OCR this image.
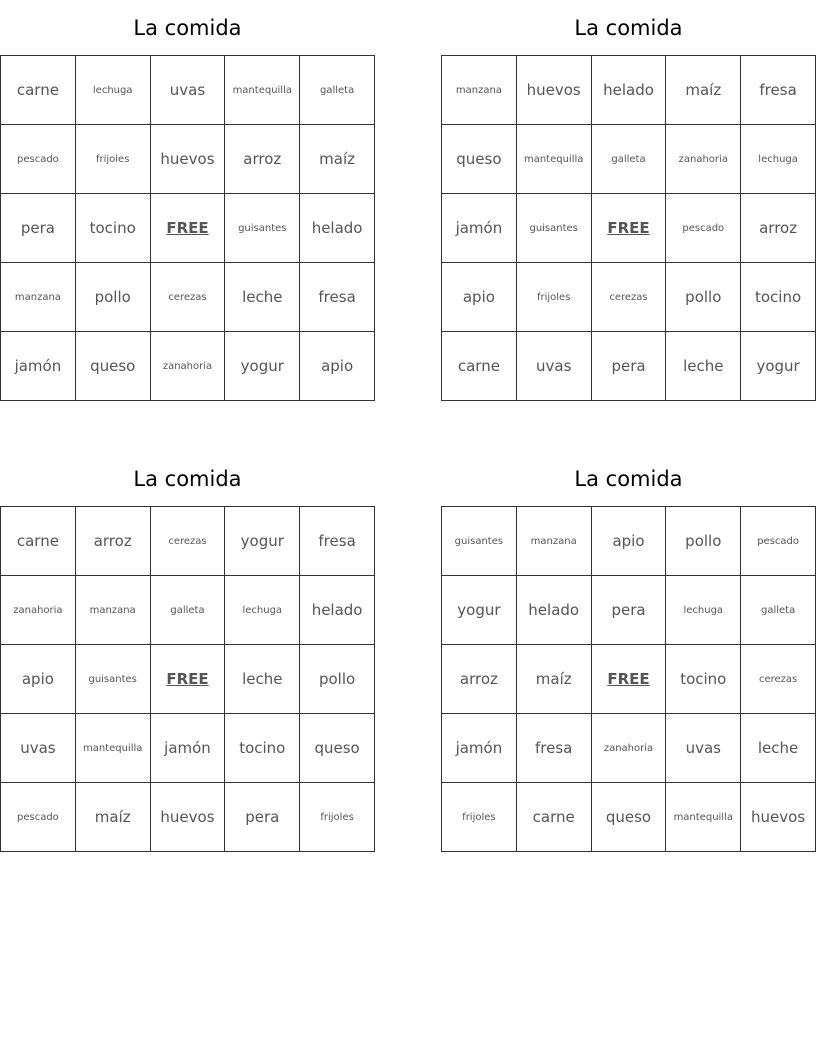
La comida
carne	lechuga	uvas	mantequilla	galleta
pescado	frijoles	huevos	arroz	maíz
pera	tocino	FREE	guisantes	helado
manzana	pollo	cerezas	leche	fresa
jamón	queso	zanahoria	yogur	apio
La comida
manzana	huevos	helado	maíz	fresa
queso	mantequilla	galleta	zanahoria	lechuga
jamón	guisantes	FREE	pescado	arroz
apio	frijoles	cerezas	pollo	tocino
carne	uvas	pera	leche	yogur
La comida
carne	arroz	cerezas	yogur	fresa
zanahoria	manzana	galleta	lechuga	helado
apio	guisantes	FREE	leche	pollo
uvas	mantequilla	jamón	tocino	queso
pescado	maíz	huevos	pera	frijoles
La comida
guisantes	manzana	apio	pollo	pescado
yogur	helado	pera	lechuga	galleta
arroz	maíz	FREE	tocino	cerezas
jamón	fresa	zanahoria	uvas	leche
frijoles	carne	queso	mantequilla	huevos
